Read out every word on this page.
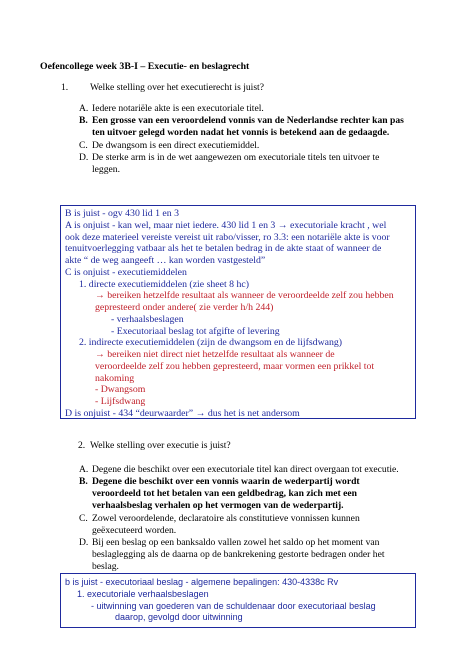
Oefencollege week 3B-I – Executie- en beslagrecht
1. Welke stelling over het executierecht is juist?
A. Iedere notariële akte is een executoriale titel.
B. Een grosse van een veroordelend vonnis van de Nederlandse rechter kan pas
ten uitvoer gelegd worden nadat het vonnis is betekend aan de gedaagde.
C. De dwangsom is een direct executiemiddel.
D. De sterke arm is in de wet aangewezen om executoriale titels ten uitvoer te
leggen.
B is juist - ogv 430 lid 1 en 3
A is onjuist - kan wel, maar niet iedere. 430 lid 1 en 3 → executoriale kracht , wel
ook deze materieel vereiste vereist uit rabo/visser, ro 3.3: een notariële akte is voor
tenuitvoerlegging vatbaar als het te betalen bedrag in de akte staat of wanneer de
akte “ de weg aangeeft … kan worden vastgesteld”
C is onjuist - executiemiddelen
1. directe executiemiddelen (zie sheet 8 hc)
→ bereiken hetzelfde resultaat als wanneer de veroordeelde zelf zou hebben
gepresteerd onder andere( zie verder h/h 244)
- verhaalsbeslagen
- Executoriaal beslag tot afgifte of levering
2. indirecte executiemiddelen (zijn de dwangsom en de lijfsdwang)
→ bereiken niet direct niet hetzelfde resultaat als wanneer de
veroordeelde zelf zou hebben gepresteerd, maar vormen een prikkel tot
nakoming
- Dwangsom
- Lijfsdwang
D is onjuist - 434 “deurwaarder” → dus het is net andersom
2. Welke stelling over executie is juist?
A. Degene die beschikt over een executoriale titel kan direct overgaan tot executie.
B. Degene die beschikt over een vonnis waarin de wederpartij wordt
veroordeeld tot het betalen van een geldbedrag, kan zich met een
verhaalsbeslag verhalen op het vermogen van de wederpartij.
C. Zowel veroordelende, declaratoire als constitutieve vonnissen kunnen
geëxecuteerd worden.
D. Bij een beslag op een banksaldo vallen zowel het saldo op het moment van
beslaglegging als de daarna op de bankrekening gestorte bedragen onder het
beslag.
b is juist - executoriaal beslag - algemene bepalingen: 430-4338c Rv
1. executoriale verhaalsbeslagen
- uitwinning van goederen van de schuldenaar door executoriaal beslag
daarop, gevolgd door uitwinning
